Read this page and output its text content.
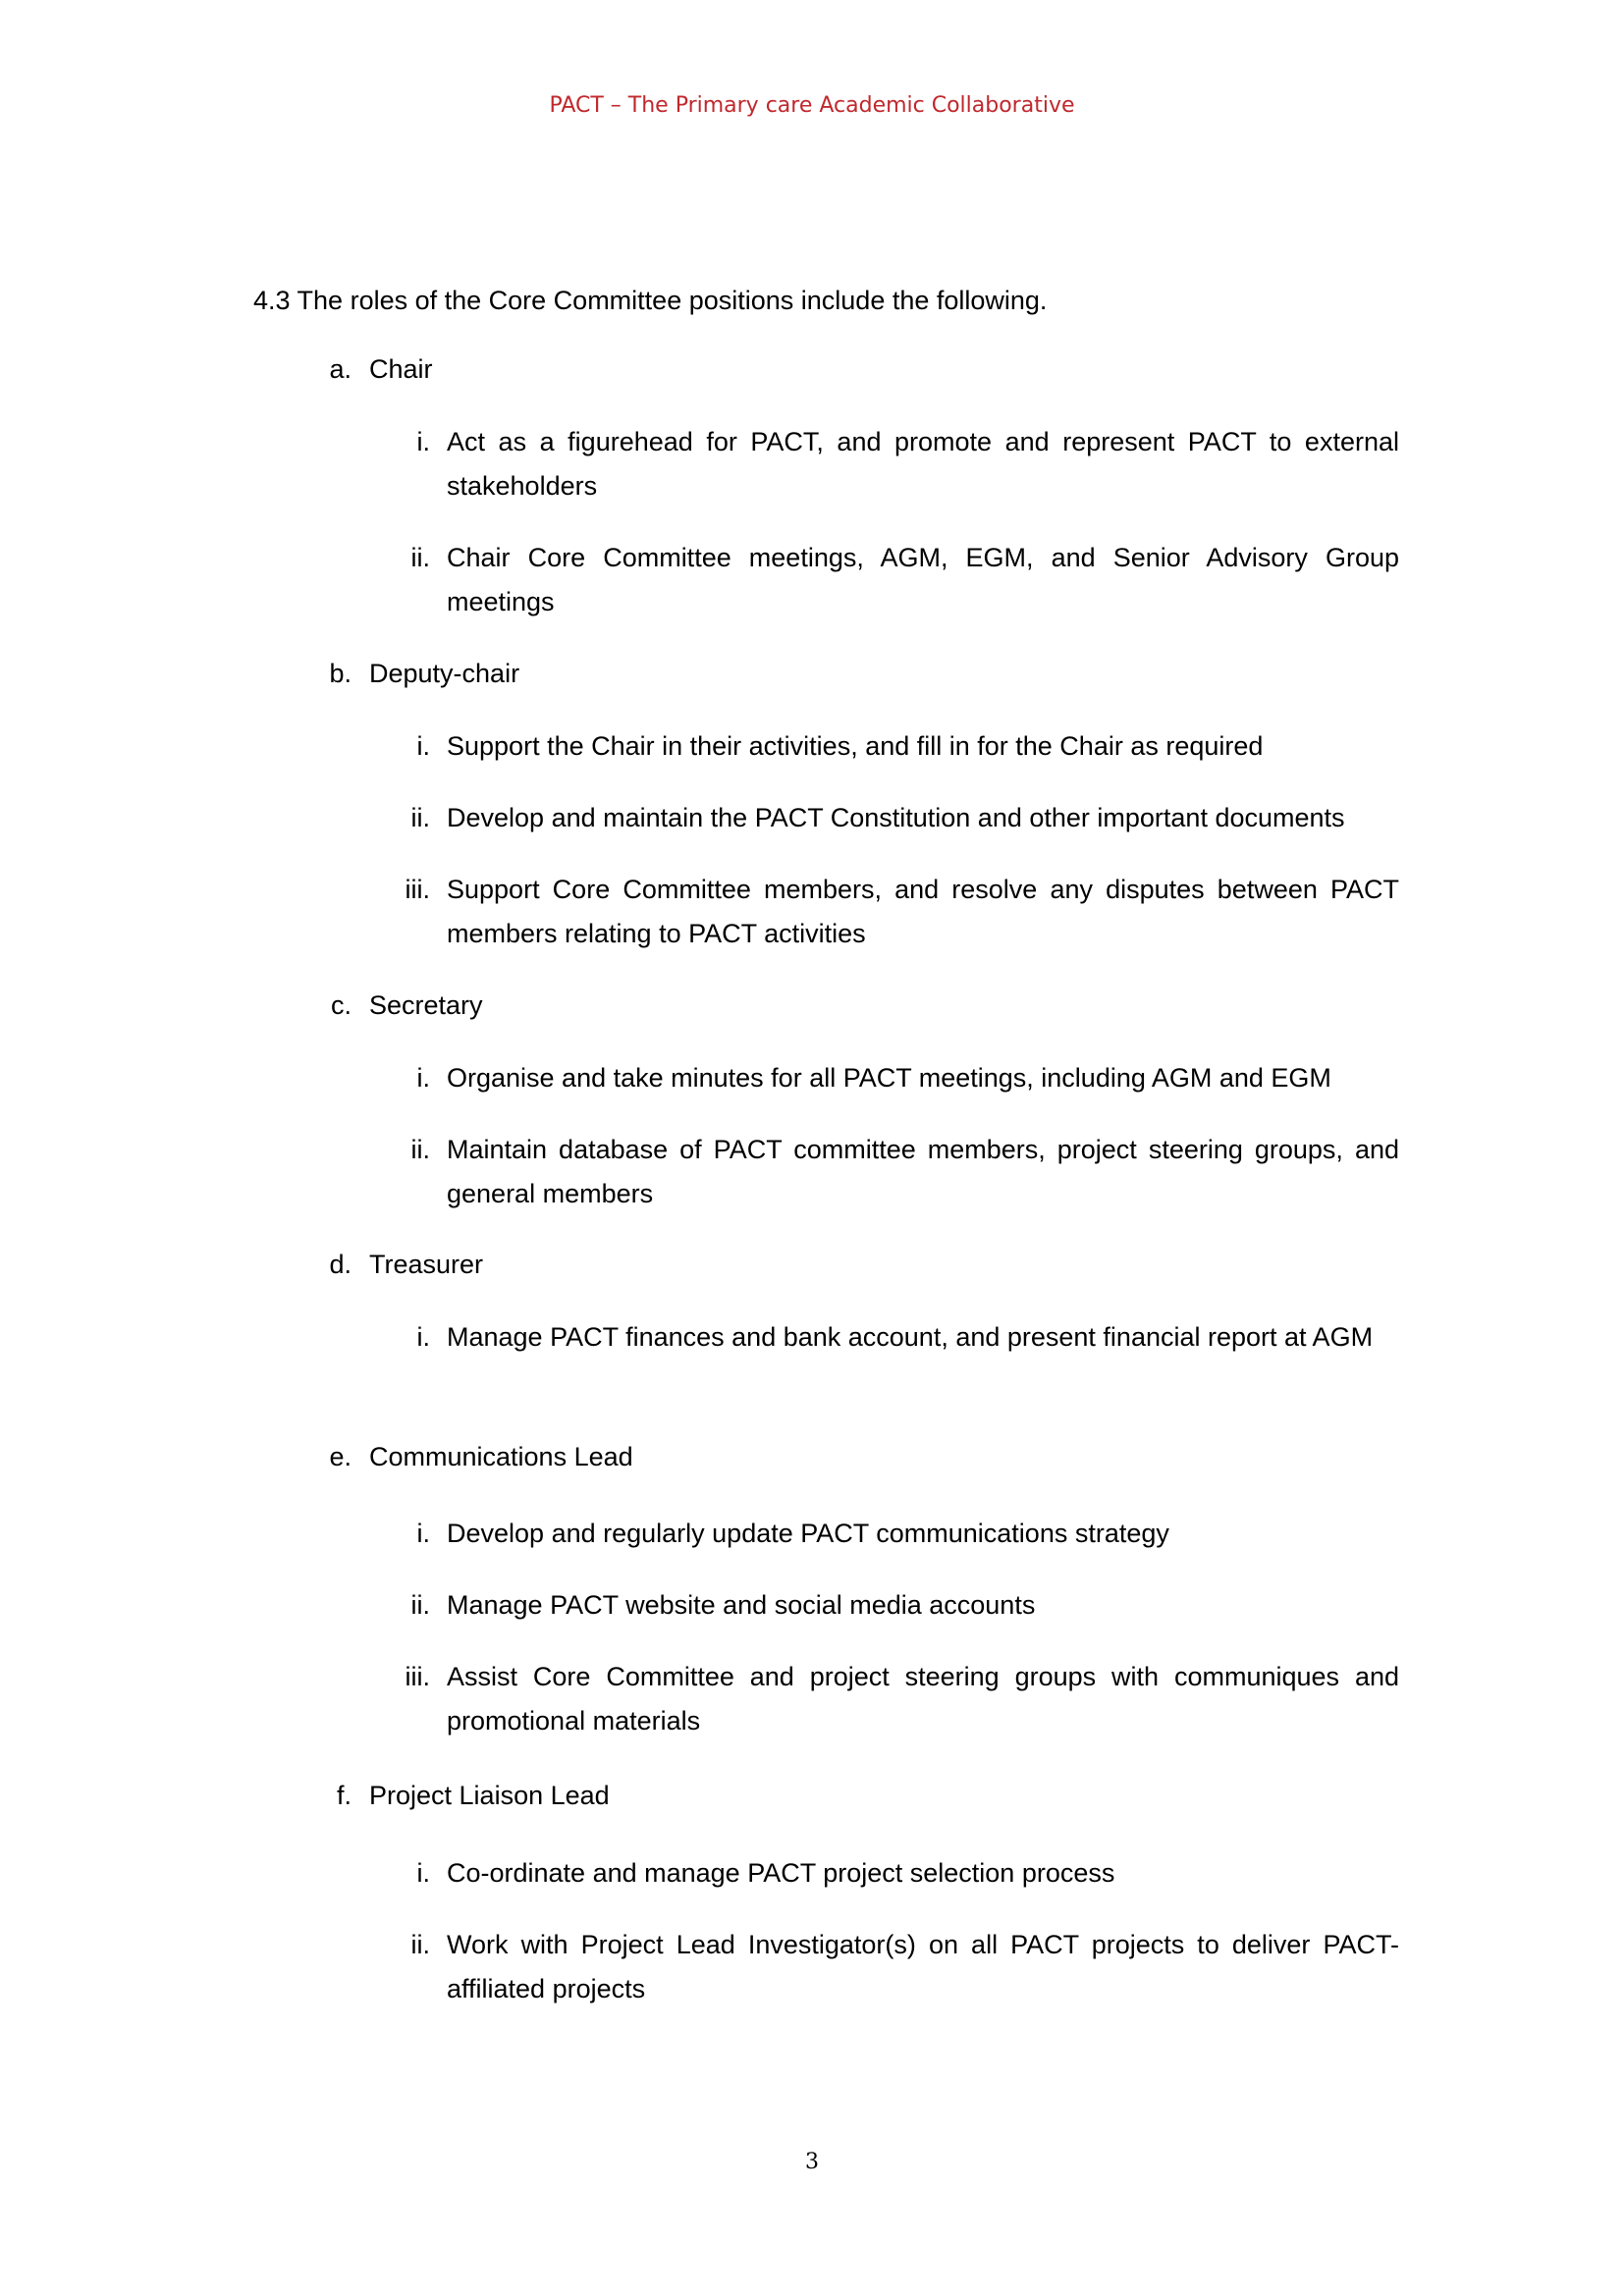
PACT – The Primary care Academic Collaborative
4.3 The roles of the Core Committee positions include the following.
a. Chair
i. Act as a figurehead for PACT, and promote and represent PACT to external stakeholders
ii. Chair Core Committee meetings, AGM, EGM, and Senior Advisory Group meetings
b. Deputy-chair
i. Support the Chair in their activities, and fill in for the Chair as required
ii. Develop and maintain the PACT Constitution and other important documents
iii. Support Core Committee members, and resolve any disputes between PACT members relating to PACT activities
c. Secretary
i. Organise and take minutes for all PACT meetings, including AGM and EGM
ii. Maintain database of PACT committee members, project steering groups, and general members
d. Treasurer
i. Manage PACT finances and bank account, and present financial report at AGM
e. Communications Lead
i. Develop and regularly update PACT communications strategy
ii. Manage PACT website and social media accounts
iii. Assist Core Committee and project steering groups with communiques and promotional materials
f. Project Liaison Lead
i. Co-ordinate and manage PACT project selection process
ii. Work with Project Lead Investigator(s) on all PACT projects to deliver PACT-affiliated projects
3
